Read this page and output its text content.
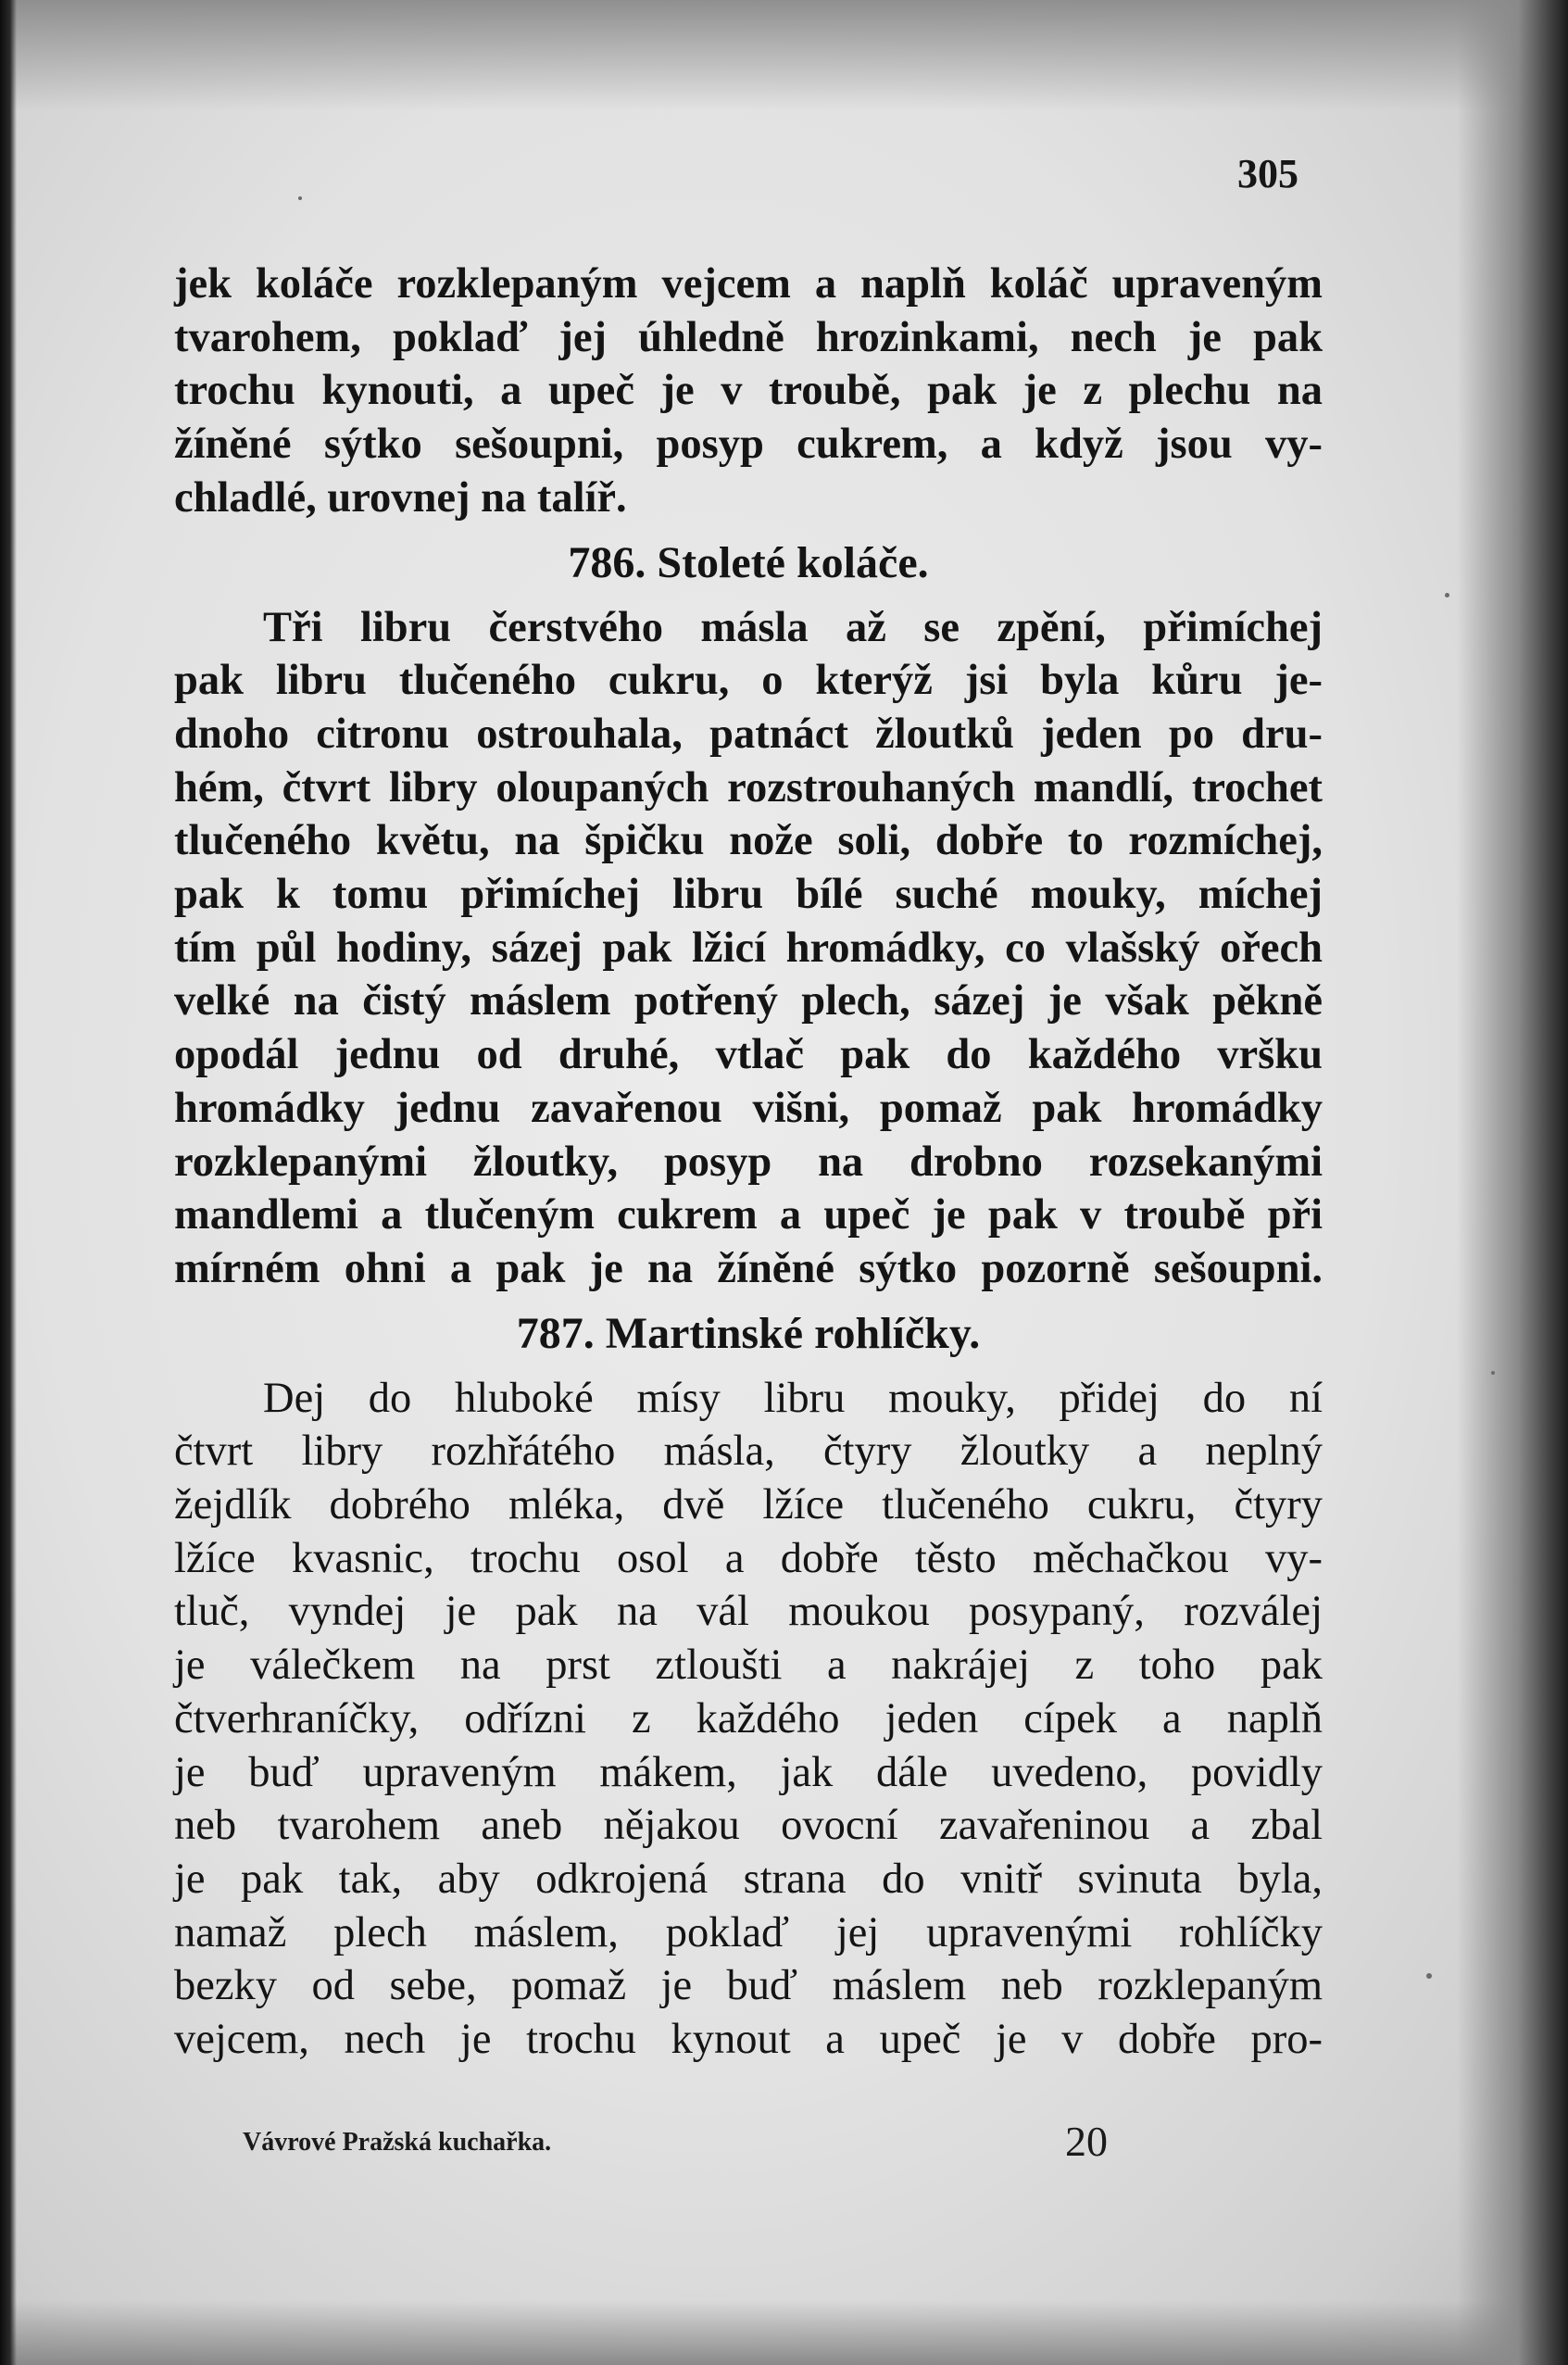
305

jek koláče rozklepaným vejcem a naplň koláč upraveným
tvarohem, poklaď jej úhledně hrozinkami, nech je pak
trochu kynouti, a upeč je v troubě, pak je z plechu na
žíněné sýtko sešoupni, posyp cukrem, a když jsou vy-
chladlé, urovnej na talíř.

786. Stoleté koláče.

Tři libru čerstvého másla až se zpění, přimíchej
pak libru tlučeného cukru, o kterýž jsi byla kůru je-
dnoho citronu ostrouhala, patnáct žloutků jeden po dru-
hém, čtvrt libry oloupaných rozstrouhaných mandlí, trochet
tlučeného květu, na špičku nože soli, dobře to rozmíchej,
pak k tomu přimíchej libru bílé suché mouky, míchej
tím půl hodiny, sázej pak lžicí hromádky, co vlašský ořech
velké na čistý máslem potřený plech, sázej je však pěkně
opodál jednu od druhé, vtlač pak do každého vršku
hromádky jednu zavařenou višni, pomaž pak hromádky
rozklepanými žloutky, posyp na drobno rozsekanými
mandlemi a tlučeným cukrem a upeč je pak v troubě při
mírném ohni a pak je na žíněné sýtko pozorně sešoupni.

787. Martinské rohlíčky.

Dej do hluboké mísy libru mouky, přidej do ní
čtvrt libry rozhřátého másla, čtyry žloutky a neplný
žejdlík dobrého mléka, dvě lžíce tlučeného cukru, čtyry
lžíce kvasnic, trochu osol a dobře těsto měchačkou vy-
tluč, vyndej je pak na vál moukou posypaný, rozválej
je válečkem na prst ztloušti a nakrájej z toho pak
čtverhraníčky, odřízni z každého jeden cípek a naplň
je buď upraveným mákem, jak dále uvedeno, povidly
neb tvarohem aneb nějakou ovocní zavařeninou a zbal
je pak tak, aby odkrojená strana do vnitř svinuta byla,
namaž plech máslem, poklaď jej upravenými rohlíčky
bezky od sebe, pomaž je buď máslem neb rozklepaným
vejcem, nech je trochu kynout a upeč je v dobře pro-

Vávrové Pražská kuchařka.	20
